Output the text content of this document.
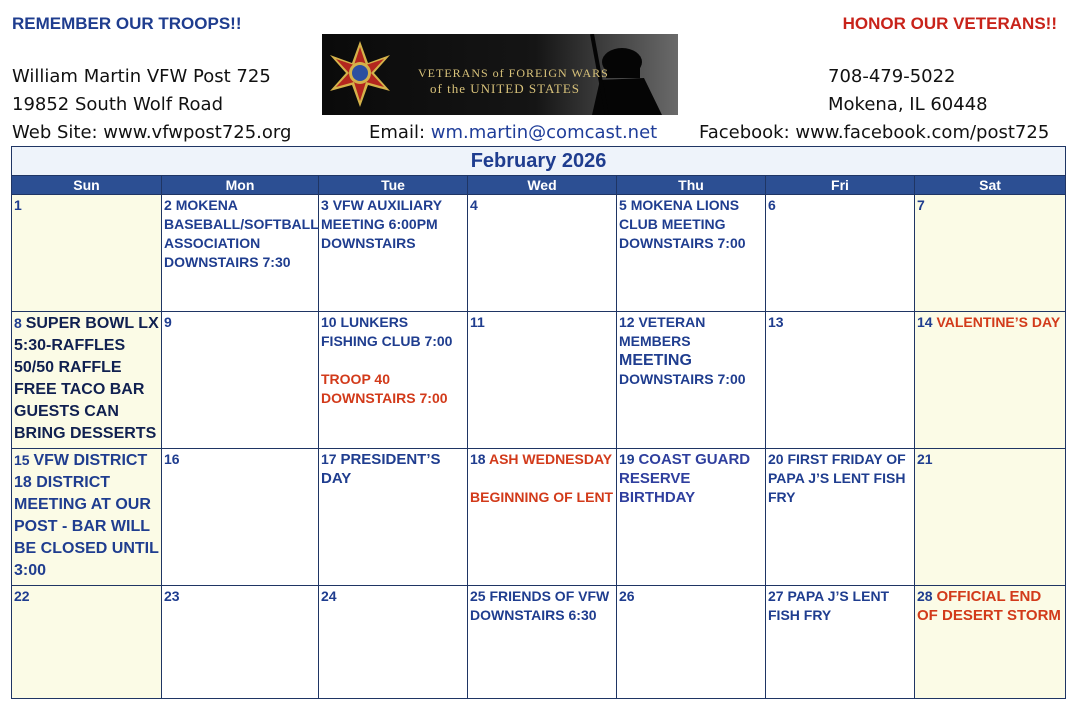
REMEMBER OUR TROOPS!!	HONOR OUR VETERANS!!
William Martin VFW Post 725
19852 South Wolf Road
Web Site: www.vfwpost725.org
708-479-5022
Mokena, IL 60448
Email: wm.martin@comcast.net Facebook: www.facebook.com/post725
VETERANS of FOREIGN WARS
of the UNITED STATES
February 2026						
Sun	Mon	Tue	Wed	Thu	Fri	Sat

1	2 MOKENA BASEBALL/SOFTBALL ASSOCIATION DOWNSTAIRS 7:30	3 VFW AUXILIARY MEETING 6:00PM DOWNSTAIRS	4	5 MOKENA LIONS CLUB MEETING DOWNSTAIRS 7:00	6	7

8 SUPER BOWL LX 5:30-RAFFLES 50/50 RAFFLE FREE TACO BAR GUESTS CAN BRING DESSERTS	9	10 LUNKERS FISHING CLUB 7:00
TROOP 40 DOWNSTAIRS 7:00	11	12 VETERAN MEMBERS
MEETING
DOWNSTAIRS 7:00	13	14 VALENTINE’S DAY

15 VFW DISTRICT 18 DISTRICT MEETING AT OUR POST - BAR WILL BE CLOSED UNTIL 3:00	16	17 PRESIDENT’S DAY	18 ASH WEDNESDAY
BEGINNING OF LENT	19 COAST GUARD RESERVE BIRTHDAY	20 FIRST FRIDAY OF PAPA J’S LENT FISH FRY	21

22	23	24	25 FRIENDS OF VFW DOWNSTAIRS 6:30	26	27 PAPA J’S LENT FISH FRY	28 OFFICIAL END OF DESERT STORM
